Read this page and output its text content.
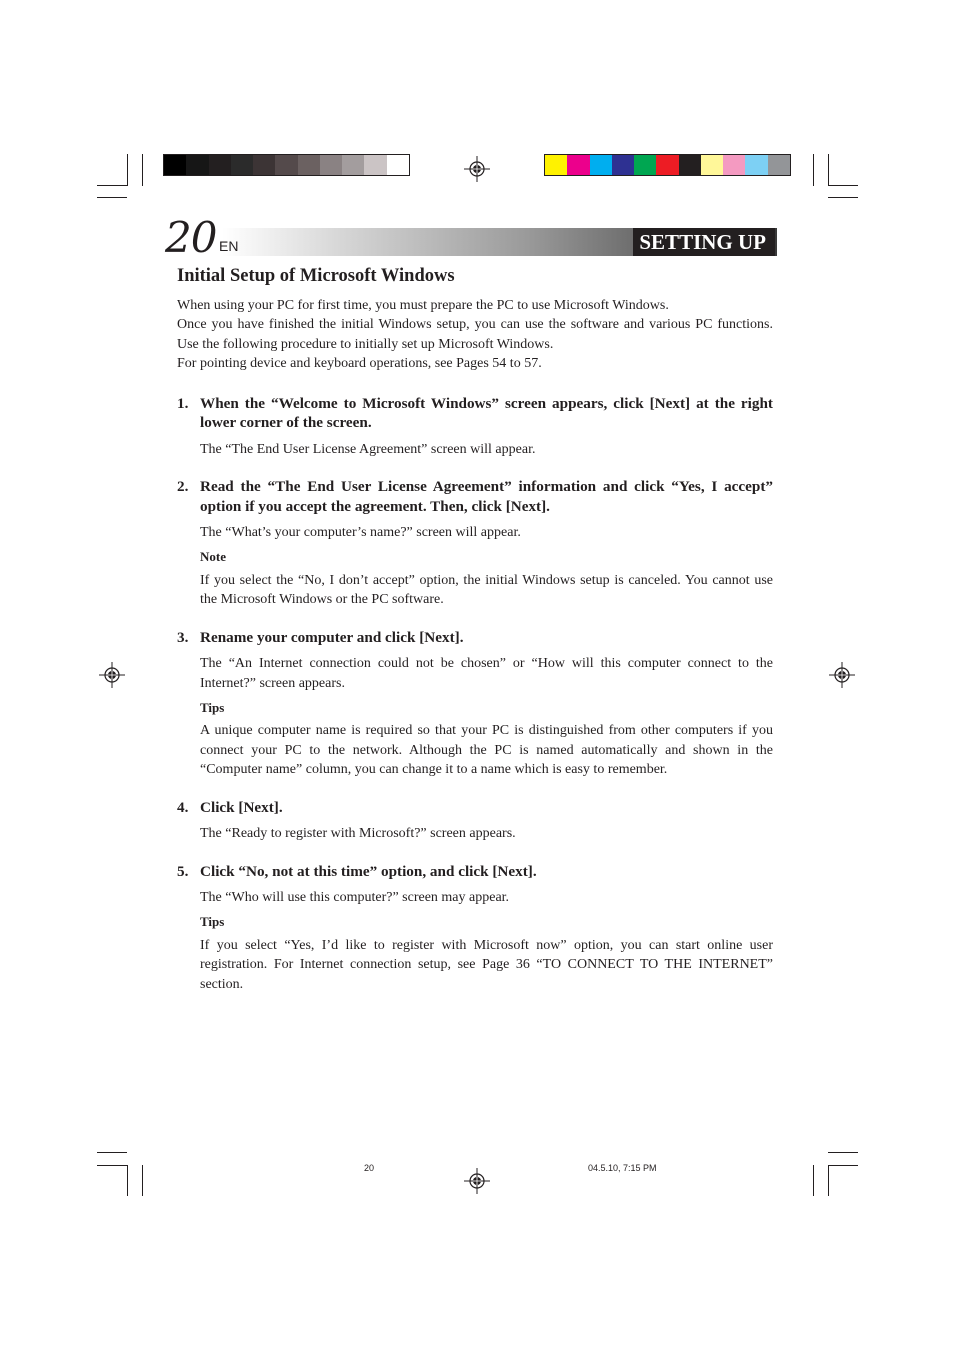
20 EN	SETTING UP
Initial Setup of Microsoft Windows

When using your PC for first time, you must prepare the PC to use Microsoft Windows.

Once you have finished the initial Windows setup, you can use the software and various PC functions. Use the following procedure to initially set up Microsoft Windows.

For pointing device and keyboard operations, see Pages 54 to 57.

1. When the “Welcome to Microsoft Windows” screen appears, click [Next] at the right lower corner of the screen.

The “The End User License Agreement” screen will appear.

2. Read the “The End User License Agreement” information and click “Yes, I accept” option if you accept the agreement. Then, click [Next].

The “What’s your computer’s name?” screen will appear.

Note

If you select the “No, I don’t accept” option, the initial Windows setup is canceled. You cannot use the Microsoft Windows or the PC software.

3. Rename your computer and click [Next].

The “An Internet connection could not be chosen” or “How will this computer connect to the Internet?” screen appears.

Tips

A unique computer name is required so that your PC is distinguished from other computers if you connect your PC to the network. Although the PC is named automatically and shown in the “Computer name” column, you can change it to a name which is easy to remember.

4. Click [Next].

The “Ready to register with Microsoft?” screen appears.

5. Click “No, not at this time” option, and click [Next].

The “Who will use this computer?” screen may appear.

Tips

If you select “Yes, I’d like to register with Microsoft now” option, you can start online user registration. For Internet connection setup, see Page 36 “TO CONNECT TO THE INTERNET” section.

20	04.5.10, 7:15 PM
